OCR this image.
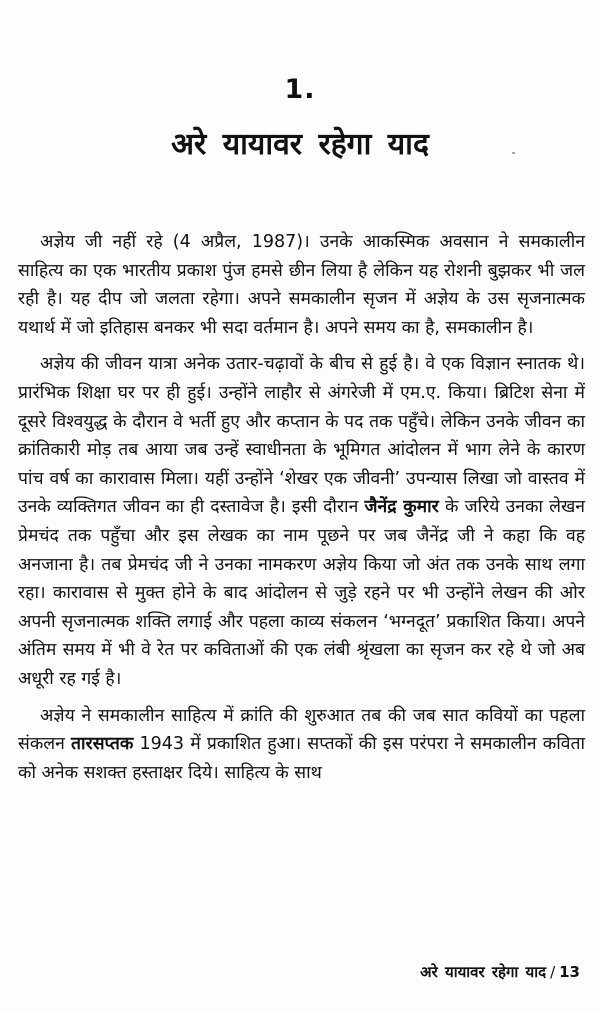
1.
अरे यायावर रहेगा याद

अज्ञेय जी नहीं रहे (4 अप्रैल, 1987)। उनके आकस्मिक अवसान ने समकालीन साहित्य का एक भारतीय प्रकाश पुंज हमसे छीन लिया है लेकिन यह रोशनी बुझकर भी जल रही है। यह दीप जो जलता रहेगा। अपने समकालीन सृजन में अज्ञेय के उस सृजनात्मक यथार्थ में जो इतिहास बनकर भी सदा वर्तमान है। अपने समय का है, समकालीन है।

अज्ञेय की जीवन यात्रा अनेक उतार-चढ़ावों के बीच से हुई है। वे एक विज्ञान स्नातक थे। प्रारंभिक शिक्षा घर पर ही हुई। उन्होंने लाहौर से अंगरेजी में एम.ए. किया। ब्रिटिश सेना में दूसरे विश्वयुद्ध के दौरान वे भर्ती हुए और कप्तान के पद तक पहुँचे। लेकिन उनके जीवन का क्रांतिकारी मोड़ तब आया जब उन्हें स्वाधीनता के भूमिगत आंदोलन में भाग लेने के कारण पांच वर्ष का कारावास मिला। यहीं उन्होंने ‘शेखर एक जीवनी’ उपन्यास लिखा जो वास्तव में उनके व्यक्तिगत जीवन का ही दस्तावेज है। इसी दौरान जैनेंद्र कुमार के जरिये उनका लेखन प्रेमचंद तक पहुँचा और इस लेखक का नाम पूछने पर जब जैनेंद्र जी ने कहा कि वह अनजाना है। तब प्रेमचंद जी ने उनका नामकरण अज्ञेय किया जो अंत तक उनके साथ लगा रहा। कारावास से मुक्त होने के बाद आंदोलन से जुड़े रहने पर भी उन्होंने लेखन की ओर अपनी सृजनात्मक शक्ति लगाई और पहला काव्य संकलन ‘भग्नदूत’ प्रकाशित किया। अपने अंतिम समय में भी वे रेत पर कविताओं की एक लंबी श्रृंखला का सृजन कर रहे थे जो अब अधूरी रह गई है।

अज्ञेय ने समकालीन साहित्य में क्रांति की शुरुआत तब की जब सात कवियों का पहला संकलन तारसप्तक 1943 में प्रकाशित हुआ। सप्तकों की इस परंपरा ने समकालीन कविता को अनेक सशक्त हस्ताक्षर दिये। साहित्य के साथ

अरे यायावर रहेगा याद / 13
